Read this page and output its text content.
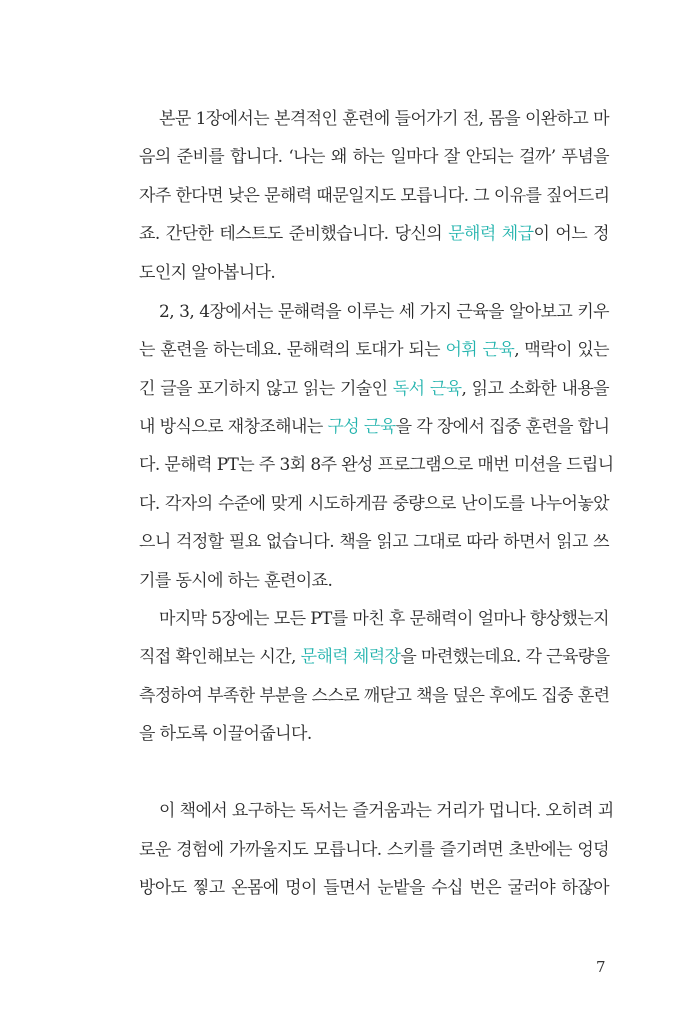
본문 1장에서는 본격적인 훈련에 들어가기 전, 몸을 이완하고 마
음의 준비를 합니다. ‘나는 왜 하는 일마다 잘 안되는 걸까’ 푸념을
자주 한다면 낮은 문해력 때문일지도 모릅니다. 그 이유를 짚어드리
죠. 간단한 테스트도 준비했습니다. 당신의 문해력 체급이 어느 정
도인지 알아봅니다.
2, 3, 4장에서는 문해력을 이루는 세 가지 근육을 알아보고 키우
는 훈련을 하는데요. 문해력의 토대가 되는 어휘 근육, 맥락이 있는
긴 글을 포기하지 않고 읽는 기술인 독서 근육, 읽고 소화한 내용을
내 방식으로 재창조해내는 구성 근육을 각 장에서 집중 훈련을 합니
다. 문해력 PT는 주 3회 8주 완성 프로그램으로 매번 미션을 드립니
다. 각자의 수준에 맞게 시도하게끔 중량으로 난이도를 나누어놓았
으니 걱정할 필요 없습니다. 책을 읽고 그대로 따라 하면서 읽고 쓰
기를 동시에 하는 훈련이죠.
마지막 5장에는 모든 PT를 마친 후 문해력이 얼마나 향상했는지
직접 확인해보는 시간, 문해력 체력장을 마련했는데요. 각 근육량을
측정하여 부족한 부분을 스스로 깨닫고 책을 덮은 후에도 집중 훈련
을 하도록 이끌어줍니다.
이 책에서 요구하는 독서는 즐거움과는 거리가 멉니다. 오히려 괴
로운 경험에 가까울지도 모릅니다. 스키를 즐기려면 초반에는 엉덩
방아도 찧고 온몸에 멍이 들면서 눈밭을 수십 번은 굴러야 하잖아
7
